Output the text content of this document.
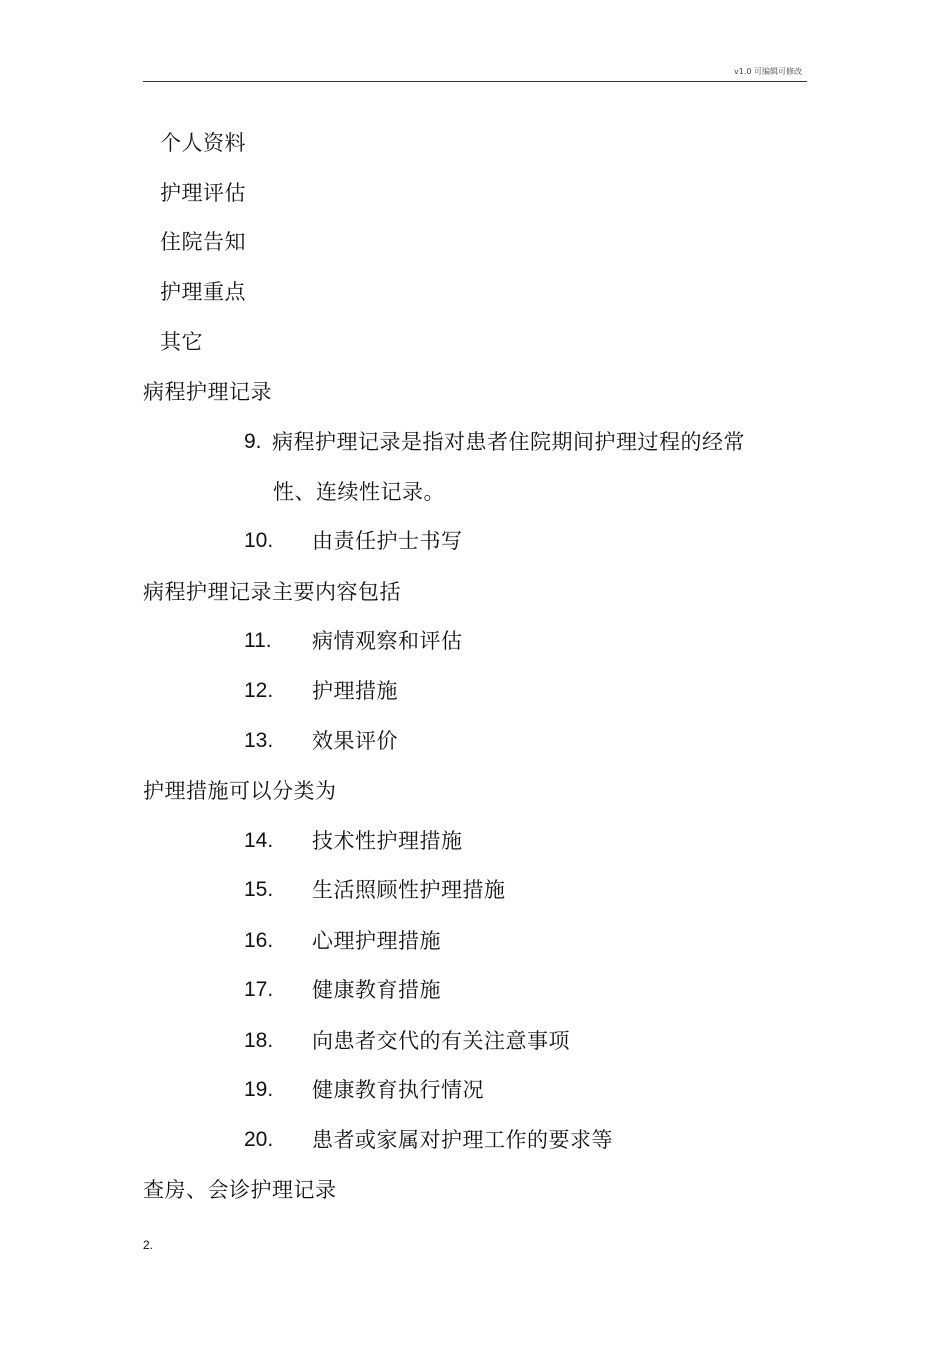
v1.0 可编辑可修改
个人资料
护理评估
住院告知
护理重点
其它
病程护理记录
9. 病程护理记录是指对患者住院期间护理过程的经常
性、连续性记录。
10. 由责任护士书写
病程护理记录主要内容包括
11. 病情观察和评估
12. 护理措施
13. 效果评价
护理措施可以分类为
14. 技术性护理措施
15. 生活照顾性护理措施
16. 心理护理措施
17. 健康教育措施
18. 向患者交代的有关注意事项
19. 健康教育执行情况
20. 患者或家属对护理工作的要求等
查房、会诊护理记录
2.
